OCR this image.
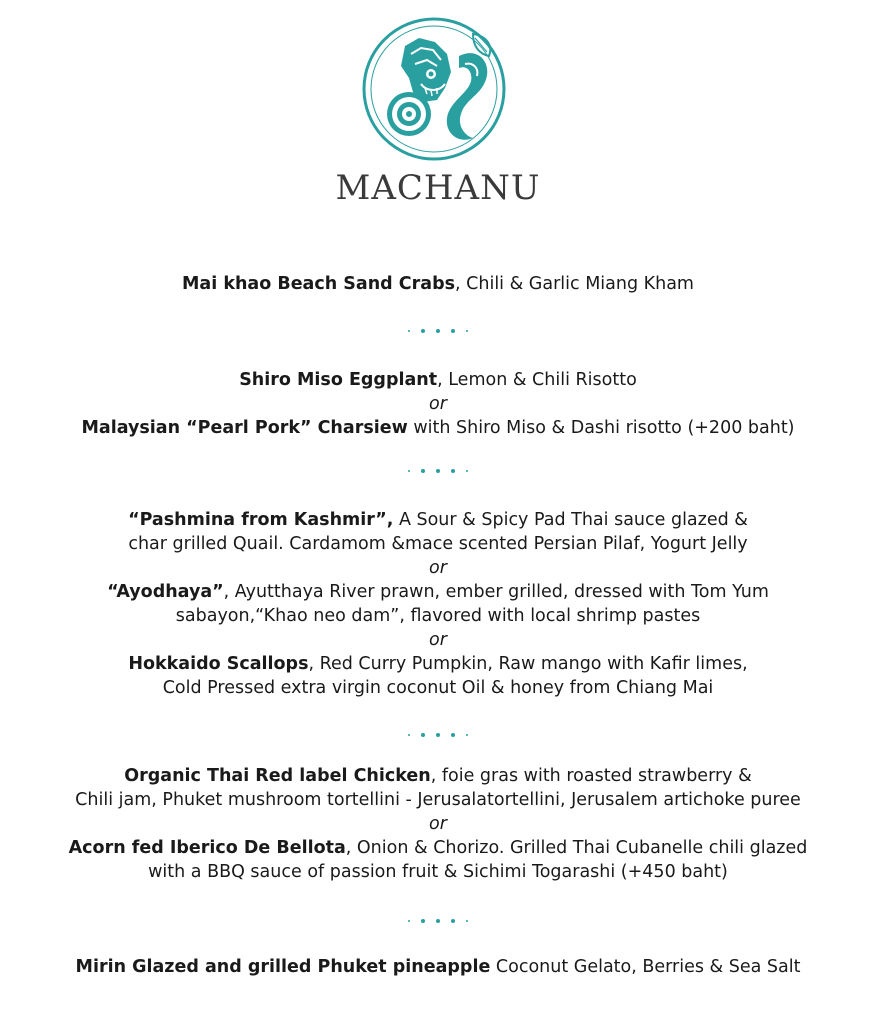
MACHANU
Mai khao Beach Sand Crabs, Chili & Garlic Miang Kham
Shiro Miso Eggplant, Lemon & Chili Risotto
or
Malaysian “Pearl Pork” Charsiew with Shiro Miso & Dashi risotto (+200 baht)
“Pashmina from Kashmir”, A Sour & Spicy Pad Thai sauce glazed &
char grilled Quail. Cardamom &mace scented Persian Pilaf, Yogurt Jelly
or
“Ayodhaya”, Ayutthaya River prawn, ember grilled, dressed with Tom Yum
sabayon,“Khao neo dam”, flavored with local shrimp pastes
or
Hokkaido Scallops, Red Curry Pumpkin, Raw mango with Kafir limes,
Cold Pressed extra virgin coconut Oil & honey from Chiang Mai
Organic Thai Red label Chicken, foie gras with roasted strawberry &
Chili jam, Phuket mushroom tortellini - Jerusalatortellini, Jerusalem artichoke puree
or
Acorn fed Iberico De Bellota, Onion & Chorizo. Grilled Thai Cubanelle chili glazed
with a BBQ sauce of passion fruit & Sichimi Togarashi (+450 baht)
Mirin Glazed and grilled Phuket pineapple Coconut Gelato, Berries & Sea Salt
